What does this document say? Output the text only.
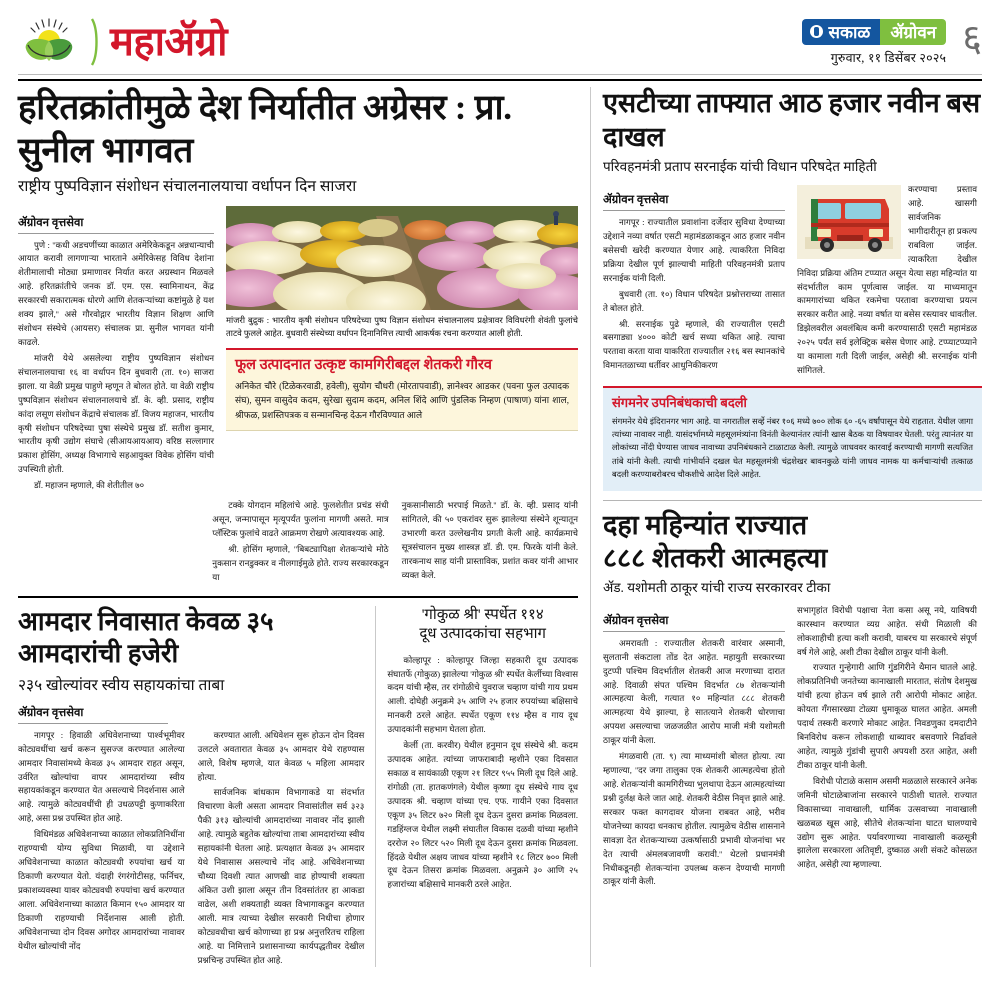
महाॲग्रो	सकाळ	ॲग्रोवन
गुरुवार, ११ डिसेंबर २०२५ ६
हरितक्रांतीमुळे देश निर्यातीत अग्रेसर : प्रा. सुनील भागवत
राष्ट्रीय पुष्पविज्ञान संशोधन संचालनालयाचा वर्धापन दिन साजरा
ॲग्रोवन वृत्तसेवा

पुणे : ''कधी अडचणींच्या काळात अमेरिकेकडून अन्नधान्याची आयात करावी लागणाऱ्या भारताने अमेरिकेसह विविध देशांना शेतीमालाची मोठ्या प्रमाणावर निर्यात करत अग्रस्थान मिळवले आहे. हरितक्रांतीचे जनक डॉ. एम. एस. स्वामिनाथन, केंद्र सरकारची सकारात्मक धोरणे आणि शेतकऱ्यांच्या कष्टांमुळे हे यश शक्य झाले,'' असे गौरवोद्गार भारतीय विज्ञान शिक्षण आणि संशोधन संस्थेचे (आयसर) संचालक प्रा. सुनील भागवत यांनी काढले.

मांजरी येथे असलेल्या राष्ट्रीय पुष्पविज्ञान संशोधन संचालनालयाचा १६ वा वर्धापन दिन बुधवारी (ता. १०) साजरा झाला. या वेळी प्रमुख पाहुणे म्हणून ते बोलत होते. या वेळी राष्ट्रीय पुष्पविज्ञान संशोधन संचालनालयाचे डॉ. के. व्ही. प्रसाद, राष्ट्रीय कांदा लसूण संशोधन केंद्राचे संचालक डॉ. विजय महाजन, भारतीय कृषी संशोधन परिषदेच्या पुषा संस्थेचे प्रमुख डॉ. सतीश कुमार, भारतीय कृषी उद्योग संघाचे (सीआयआयआय) वरिष्ठ सल्लागार प्रकाश होसिंग, अध्यक्ष विभागाचे सहआयुक्त विवेक होसिंग यांची उपस्थिती होती.

डॉ. महाजन म्हणाले, की शेतीतील ७०

मांजरी बुद्रुक : भारतीय कृषी संशोधन परिषदेच्या पुष्प विज्ञान संशोधन संचालनालय प्रक्षेत्रावर विविधरंगी शेवंती फुलांचे ताटवे फुलले आहेत. बुधवारी संस्थेच्या वर्धापन दिनानिमित्त त्याची आकर्षक रचना करण्यात आली होती.
फूल उत्पादनात उत्कृष्ट कामगिरीबद्दल शेतकरी गौरव
अनिकेत चौरे (टिळेकरवाडी, हवेली), सुयोग चौधरी (मोरतापवाडी), ज्ञानेश्वर आडकर (पवना फुल उत्पादक संघ), सुमन वासुदेव कदम, सुरेखा सुदाम कदम, अनिल शिंदे आणि पुंडलिक निम्हण (पाषाण) यांना शाल, श्रीफळ, प्रशस्तिपत्रक व सन्मानचिन्ह देऊन गौरविण्यात आले

टक्के योगदान महिलांचे आहे. फुलशेतीत प्रचंड संधी असून, जन्मापासून मृत्यूपर्यंत फुलांना मागणी असते. मात्र प्लॅस्टिक फुलांचे वाढते आक्रमण रोखणे अत्यावश्यक आहे.

श्री. होसिंग म्हणाले, ''बिबट्यापिक्षा शेतकऱ्यांचे मोठे नुकसान रानडुक्कर व नीलगाईमुळे होते. राज्य सरकारकडून या

नुकसानीसाठी भरपाई मिळते.'' डॉ. के. व्ही. प्रसाद यांनी सांगितले, की ५० एकरांवर सुरू झालेल्या संस्थेने शून्यातून उभारणी करत उल्लेखनीय प्रगती केली आहे. कार्यक्रमाचे सूत्रसंचालन मुख्य शास्त्रज्ञ डॉ. डी. एम. फिरके यांनी केले. तारकनाथ साह यांनी प्रास्ताविक, प्रशांत कवर यांनी आभार व्यक्त केले.

आमदार निवासात केवळ ३५ आमदारांची हजेरी
२३५ खोल्यांवर स्वीय सहायकांचा ताबा
ॲग्रोवन वृत्तसेवा

नागपूर : हिवाळी अधिवेशनाच्या पार्श्वभूमीवर कोट्यवधींचा खर्च करून सुसज्ज करण्यात आलेल्या आमदार निवासांमध्ये केवळ ३५ आमदार राहत असून, उर्वरित खोल्यांचा वापर आमदारांच्या स्वीय सहायकांकडून करण्यात येत असल्याचे निदर्शनास आले आहे. त्यामुळे कोट्यवधींची ही उधळपट्टी कुणाकरिता आहे, असा प्रश्न उपस्थित होत आहे.

विधिमंडळ अधिवेशनाच्या काळात लोकप्रतिनिधींना राहण्याची योग्य सुविधा मिळावी, या उद्देशाने अधिवेशनाच्या काळात कोट्यवधी रुपयांचा खर्च या ठिकाणी करण्यात येतो. यंदाही रंगरंगोटीसह, फर्निचर, प्रकाशव्यवस्था यावर कोट्यवधी रुपयांचा खर्च करण्यात आला. अधिवेशनाच्या काळात किमान १५० आमदार या ठिकाणी राहण्याची निर्देशनास आली होती. अधिवेशनाच्या दोन दिवस अगोदर आमदारांच्या नावावर येथील खोल्यांची नोंद

करण्यात आली. अधिवेशन सुरू होऊन दोन दिवस उलटले अवतारात केवळ ३५ आमदार येथे राहण्यास आले, विशेष म्हणजे, यात केवळ ५ महिला आमदार होत्या.

सार्वजनिक बांधकाम विभागाकडे या संदर्भात विचारणा केली असता आमदार निवासांतील सर्व ३२३ पैकी ३१३ खोल्यांची आमदारांच्या नावावर नोंद झाली आहे. त्यामुळे बहुतेक खोल्यांचा ताबा आमदारांच्या स्वीय सहायकांनी घेतला आहे. प्रत्यक्षात केवळ ३५ आमदार येथे निवासास असल्याचे नोंद आहे. अधिवेशनाच्या चौथ्या दिवशी त्यात आणखी वाढ होण्याची शक्यता अंकित उशी झाला असून तीन दिवसांतंतर हा आकडा वाढेल, अशी शक्यताही व्यक्त विभागाकडून करण्यात आली. मात्र त्याच्या देखील सरकारी निधीचा होणार कोट्यवधीचा खर्च कोणाच्या हा प्रश्न अनुत्तरितच राहिला आहे. या निमित्ताने प्रशासनाच्या कार्यपद्धतीवर देखील प्रश्नचिन्ह उपस्थित होत आहे.

'गोकुळ श्री' स्पर्धेत ११४
दूध उत्पादकांचा सहभाग

कोल्हापूर : कोल्हापूर जिल्हा सहकारी दूध उत्पादक संघातर्फे (गोकुळ) झालेल्या 'गोकुळ श्री' स्पर्धेत केर्लीच्या विश्वास कदम यांची म्हैस, तर रांगोळीचे युवराज चव्हाण यांची गाय प्रथम आली. दोघेही अनुक्रमे ३५ आणि २५ हजार रुपयांच्या बक्षिसाचे मानकरी ठरले आहेत. स्पर्धेत एकूण ११४ म्हैस व गाय दूध उत्पादकांनी सहभाग घेतला होता.

केर्ली (ता. करवीर) येथील हनुमान दूध संस्थेचे श्री. कदम उत्पादक आहेत. त्यांच्या जाफराबादी म्हशीने एका दिवसात सकाळ व सायंकाळी एकूण २१ लिटर ९५५ मिली दूध दिले आहे. रांगोळी (ता. हातकणंगले) येथील कृष्णा दूध संस्थेचे गाय दूध उत्पादक श्री. चव्हाण यांच्या एच. एफ. गायीने एका दिवसात एकूण ३५ लिटर ७२० मिली दूध देऊन दुसरा क्रमांक मिळवला. गडहिंग्लज येथील लक्ष्मी संघातील विकास दळवी यांच्या म्हशीने दररोज २० लिटर ५२० मिली दूध देऊन दुसरा क्रमांक मिळवला. हिंदळे येथील अक्षय जाधव यांच्या म्हशीने १८ लिटर ७०० मिली दूध देऊन तिसरा क्रमांक मिळवला. अनुक्रमे ३० आणि २५ हजारांच्या बक्षिसाचे मानकरी ठरले आहेत.

एसटीच्या ताफ्यात आठ हजार नवीन बस दाखल
परिवहनमंत्री प्रताप सरनाईक यांची विधान परिषदेत माहिती
ॲग्रोवन वृत्तसेवा

नागपूर : राज्यातील प्रवाशांना दर्जेदार सुविधा देण्याच्या उद्देशाने नव्या वर्षात एसटी महामंडळाकडून आठ हजार नवीन बसेसची खरेदी करण्यात येणार आहे. त्याकरिता निविदा प्रक्रिया देखील पूर्ण झाल्याची माहिती परिवहनमंत्री प्रताप सरनाईक यांनी दिली.

बुधवारी (ता. १०) विधान परिषदेत प्रश्नोत्तराच्या तासात ते बोलत होते.

श्री. सरनाईक पुढे म्हणाले, की राज्यातील एसटी बसगाड्या ४००० कोटी खर्च सध्या थकित आहे. त्याचा परतावा करता यावा याकरिता राज्यातील २१६ बस स्थानकांचे विमानतळाच्या धर्तीवर आधुनिकीकरण

करण्याचा प्रस्ताव आहे. खासगी सार्वजनिक भागीदारीतून हा प्रकल्प राबविला जाईल. त्याकरिता देखील निविदा प्रक्रिया अंतिम टप्प्यात असून येत्या सहा महिन्यांत या संदर्भातील काम पूर्णत्वास जाईल. या माध्यमातून कामगारांच्या थकित रकमेचा परतावा करण्याचा प्रयत्न सरकार करीत आहे. नव्या वर्षात या बसेस रस्त्यावर धावतील. डिझेलवरील अवलंबित्व कमी करण्यासाठी एसटी महामंडळ २०२५ पर्यंत सर्व इलेक्ट्रिक बसेस घेणार आहे. टप्प्याटप्प्याने या कामाला गती दिली जाईल, असेही श्री. सरनाईक यांनी सांगितले.

संगमनेर उपनिबंधकाची बदली
संगमनेर येथे इंदिरानगर भाग आहे. या नगरातील सर्व्हे नंबर १०६ मध्ये ७०० लोक ६० -६५ वर्षांपासून येथे राहतात. येथील जागा त्यांच्या नावावर नाही. यासंदर्भामध्ये महसूलमंत्र्यांना विनंती केल्यानंतर त्यांनी खास बैठक या विषयावर घेतली. परंतु त्यानंतर या लोकांच्या नोंदी घेण्यास जाधव नावाच्या उपनिबंधकाने टाळाटाळ केली. त्यामुळे जाधववर कारवाई करण्याची मागणी सत्यजित तांबे यांनी केली. त्याची गांभीर्याने दखल घेत महसूलमंत्री चंद्रशेखर बावनकुळे यांनी जाधव नामक या कर्मचाऱ्यांची तत्काळ बदली करण्याबरोबरच चौकशीचे आदेश दिले आहेत.
दहा महिन्यांत राज्यात
८८८ शेतकरी आत्महत्या
ॲड. यशोमती ठाकूर यांची राज्य सरकारवर टीका
ॲग्रोवन वृत्तसेवा

अमरावती : राज्यातील शेतकरी वारंवार अस्मानी, सुलतानी संकटाला तोंड देत आहेत. महायुती सरकारच्या दुटप्पी पश्चिम विदर्भातील शेतकरी आज मरणाच्या दारात आहे. दिवाळी संपत पश्चिम विदर्भात ८७ शेतकऱ्यांनी आत्महत्या केली, गत्यात १० महिन्यांत ८८८ शेतकरी आत्महत्या येथे झाल्या, हे सातत्याने शेतकरी धोरणाचा अपयश असल्याचा जळजळीत आरोप माजी मंत्री यशोमती ठाकूर यांनी केला.

मंगळवारी (ता. ९) त्या माध्यमांशी बोलत होत्या. त्या म्हणाल्या, ''दर जगा तालुका एक शेतकरी आत्महत्येचा होतो आहे. शेतकऱ्यांनी कामगिरीच्या भुलथापा देऊन आत्महत्यांच्या प्रश्नी दुर्लक्ष केले जात आहे. शेतकरी वेठीस निवृत्त झाले आहे. सरकार फक्त कागदावर योजना राबवत आहे, भरीव योजनेच्या कायदा धनकाच होतील. त्यामुळेच वेठीस शासनाने सावज्ञा देत शेतकऱ्याच्या उत्कर्षासाठी प्रभावी योजनांचा भर देत त्याची अंमलबजावणी करावी.'' थेटलो प्रधानमंत्री निधीकडूनही शेतकऱ्यांना उपलब्ध करून देण्याची मागणी ठाकूर यांनी केली.

सभागृहांत विरोधी पक्षाचा नेता कसा असू नये, याविषयी कारस्थान करण्यात व्यग्र आहेत. संधी मिळाली की लोकशाहीची हत्या कशी करावी, याबरच या सरकारचे संपूर्ण वर्ष गेले आहे, अशी टीका देखील ठाकूर यांनी केली.

राज्यात गुन्हेगारी आणि गुंडगिरीने थैमान घातले आहे. लोकप्रतिनिधी जनतेच्या कानाखाली मारतात, संतोष देशमुख यांची हत्या होऊन वर्ष झाले तरी आरोपी मोकाट आहेत. कोयता गँगसारख्या टोळ्या धुमाकूळ घालत आहेत. अमली पदार्थ तस्करी करणारे मोकाट आहेत. निवडणुका दमदाटीने बिनविरोध करून लोकशाही धाब्यावर बसवणारे निर्ढावले आहेत, त्यामुळे गुंडांची सुपारी अपयशी ठरत आहेत, अशी टीका ठाकूर यांनी केली.

विरोधी पोटाळे कसाम असमी मळळाले सरकारने अनेक जमिनी घोटाळेबाजांना सरकारने पाठीशी घातले. राज्यात विकासाच्या नावाखाली, धार्मिक उत्सवाच्या नावाखाली खळबळ खूस आहे, सीतेचे शेतकऱ्यांना घाटत घालण्याचे उद्योग सुरू आहेत. पर्यावरणाच्या नावाखाली कळसूत्री झालेला सरकारला अतिवृष्टी, दुष्काळ अशी संकटे कोसळत आहेत, असेही त्या म्हणाल्या.
